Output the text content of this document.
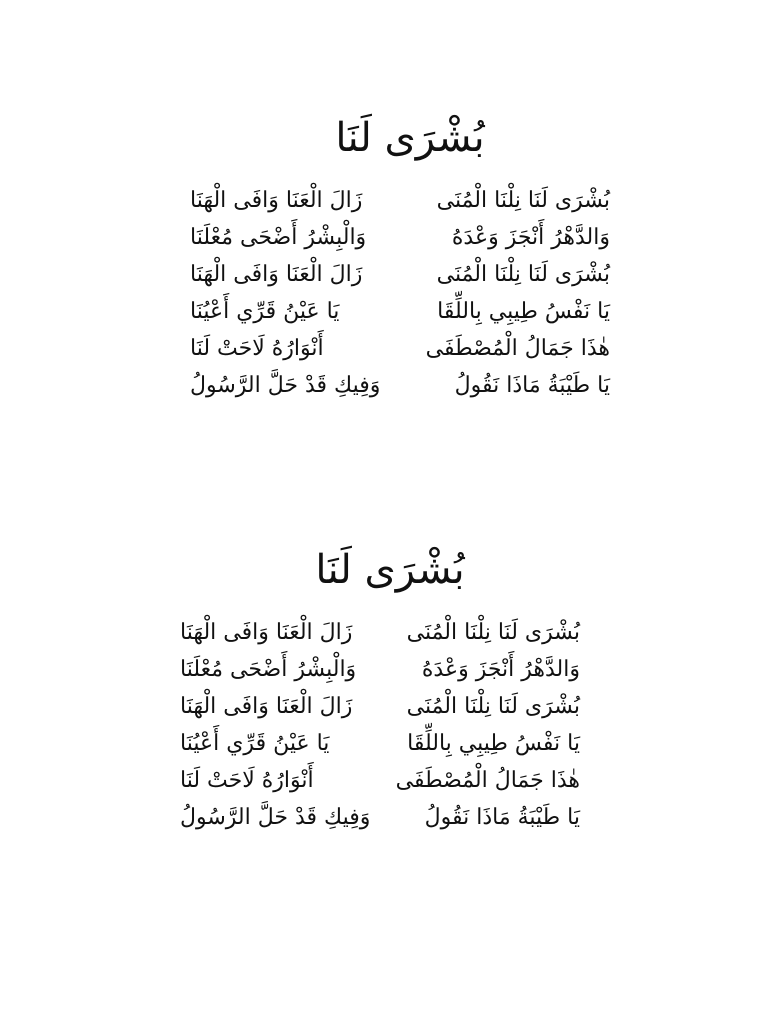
بُشْرَى لَنَا
بُشْرَى لَنَا نِلْنَا الْمُنَى
زَالَ الْعَنَا وَافَى الْهَنَا
وَالدَّهْرُ أَنْجَزَ وَعْدَهُ
وَالْبِشْرُ أَضْحَى مُعْلَنَا
بُشْرَى لَنَا نِلْنَا الْمُنَى
زَالَ الْعَنَا وَافَى الْهَنَا
يَا نَفْسُ طِيبِي بِاللِّقَا
يَا عَيْنُ قَرِّي أَعْيُنَا
هٰذَا جَمَالُ الْمُصْطَفَى
أَنْوَارُهُ لَاحَتْ لَنَا
يَا طَيْبَةُ مَاذَا نَقُولُ
وَفِيكِ قَدْ حَلَّ الرَّسُولُ
بُشْرَى لَنَا
بُشْرَى لَنَا نِلْنَا الْمُنَى
زَالَ الْعَنَا وَافَى الْهَنَا
وَالدَّهْرُ أَنْجَزَ وَعْدَهُ
وَالْبِشْرُ أَضْحَى مُعْلَنَا
بُشْرَى لَنَا نِلْنَا الْمُنَى
زَالَ الْعَنَا وَافَى الْهَنَا
يَا نَفْسُ طِيبِي بِاللِّقَا
يَا عَيْنُ قَرِّي أَعْيُنَا
هٰذَا جَمَالُ الْمُصْطَفَى
أَنْوَارُهُ لَاحَتْ لَنَا
يَا طَيْبَةُ مَاذَا نَقُولُ
وَفِيكِ قَدْ حَلَّ الرَّسُولُ
